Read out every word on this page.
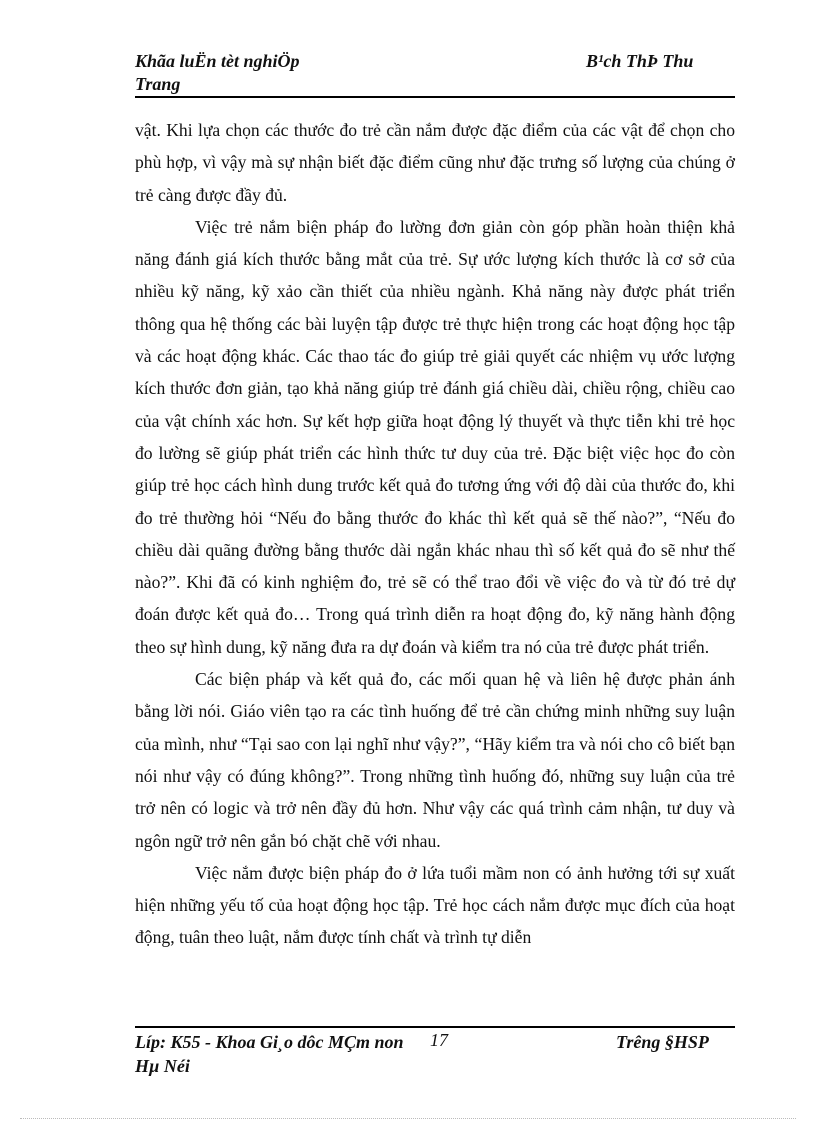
Khãa luËn tèt nghiÖp
Trang
B¹ch ThÞ Thu

vật. Khi lựa chọn các thước đo trẻ cần nắm được đặc điểm của các vật để chọn cho phù hợp, vì vậy mà sự nhận biết đặc điểm cũng như đặc trưng số lượng của chúng ở trẻ càng được đầy đủ.

Việc trẻ nắm biện pháp đo lường đơn giản còn góp phần hoàn thiện khả năng đánh giá kích thước bằng mắt của trẻ. Sự ước lượng kích thước là cơ sở của nhiều kỹ năng, kỹ xảo cần thiết của nhiều ngành. Khả năng này được phát triển thông qua hệ thống các bài luyện tập được trẻ thực hiện trong các hoạt động học tập và các hoạt động khác. Các thao tác đo giúp trẻ giải quyết các nhiệm vụ ước lượng kích thước đơn giản, tạo khả năng giúp trẻ đánh giá chiều dài, chiều rộng, chiều cao của vật chính xác hơn. Sự kết hợp giữa hoạt động lý thuyết và thực tiễn khi trẻ học đo lường sẽ giúp phát triển các hình thức tư duy của trẻ. Đặc biệt việc học đo còn giúp trẻ học cách hình dung trước kết quả đo tương ứng với độ dài của thước đo, khi đo trẻ thường hỏi “Nếu đo bằng thước đo khác thì kết quả sẽ thế nào?”, “Nếu đo chiều dài quãng đường bằng thước dài ngắn khác nhau thì số kết quả đo sẽ như thế nào?”. Khi đã có kinh nghiệm đo, trẻ sẽ có thể trao đổi về việc đo và từ đó trẻ dự đoán được kết quả đo… Trong quá trình diễn ra hoạt động đo, kỹ năng hành động theo sự hình dung, kỹ năng đưa ra dự đoán và kiểm tra nó của trẻ được phát triển.

Các biện pháp và kết quả đo, các mối quan hệ và liên hệ được phản ánh bằng lời nói. Giáo viên tạo ra các tình huống để trẻ cần chứng minh những suy luận của mình, như “Tại sao con lại nghĩ như vậy?”, “Hãy kiểm tra và nói cho cô biết bạn nói như vậy có đúng không?”. Trong những tình huống đó, những suy luận của trẻ trở nên có logic và trở nên đầy đủ hơn. Như vậy các quá trình cảm nhận, tư duy và ngôn ngữ trở nên gắn bó chặt chẽ với nhau.

Việc nắm được biện pháp đo ở lứa tuổi mầm non có ảnh hưởng tới sự xuất hiện những yếu tố của hoạt động học tập. Trẻ học cách nắm được mục đích của hoạt động, tuân theo luật, nắm được tính chất và trình tự diễn

Líp: K55 - Khoa Gi¸o dôc MÇm non
Hµ Néi
17	Trêng §HSP
